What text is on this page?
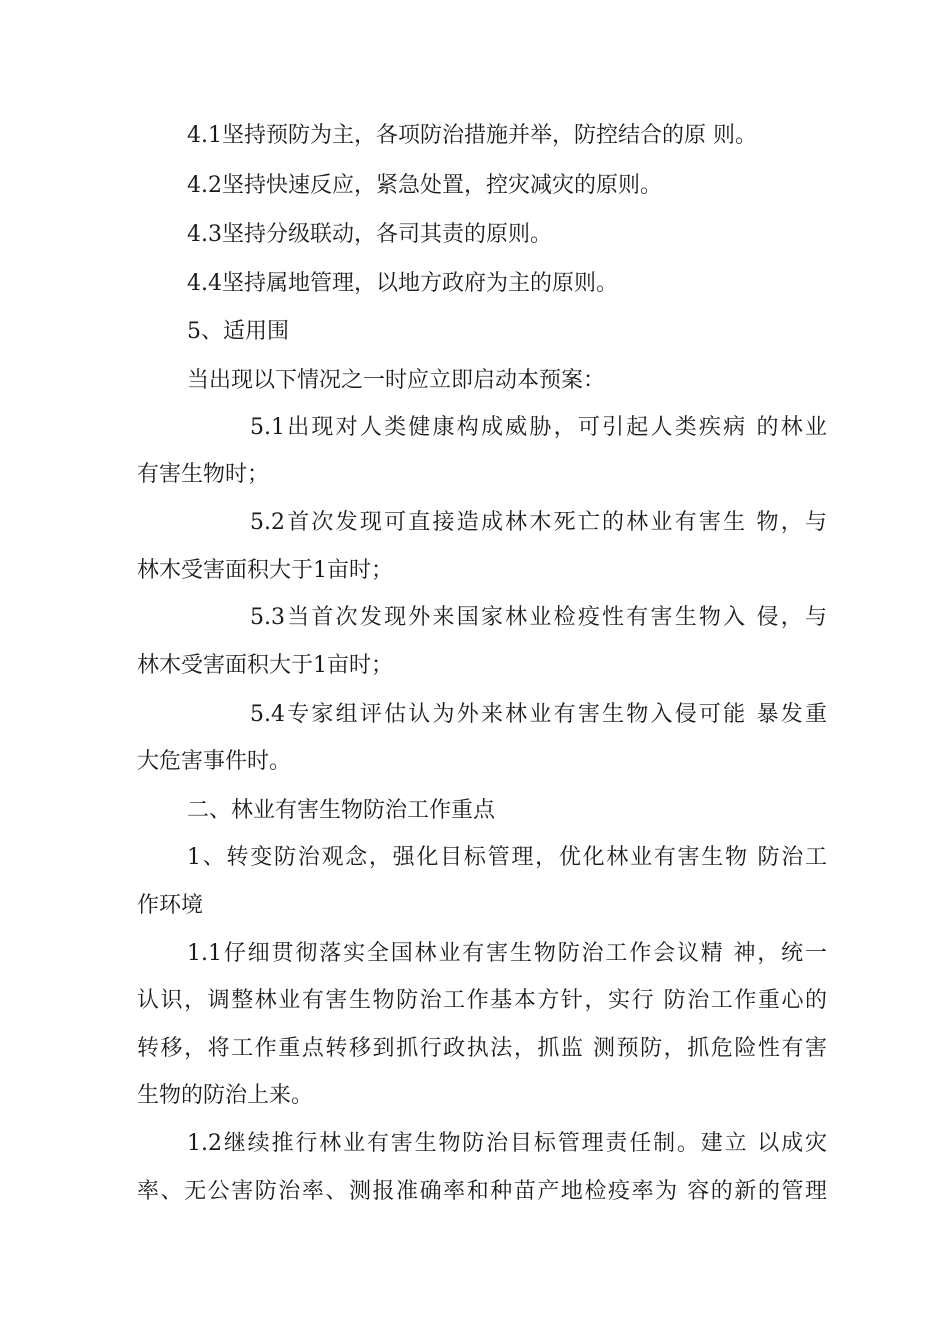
4.1坚持预防为主，各项防治措施并举，防控结合的原 则。
4.2坚持快速反应，紧急处置，控灾减灾的原则。
4.3坚持分级联动，各司其责的原则。
4.4坚持属地管理，以地方政府为主的原则。
5、适用围
当出现以下情况之一时应立即启动本预案：
5.1出现对人类健康构成威胁，可引起人类疾病 的林业
有害生物时；
5.2首次发现可直接造成林木死亡的林业有害生 物，与
林木受害面积大于1亩时；
5.3当首次发现外来国家林业检疫性有害生物入 侵，与
林木受害面积大于1亩时；
5.4专家组评估认为外来林业有害生物入侵可能 暴发重
大危害事件时。
二、林业有害生物防治工作重点
1、转变防治观念，强化目标管理，优化林业有害生物 防治工
作环境
1.1仔细贯彻落实全国林业有害生物防治工作会议精 神，统一
认识，调整林业有害生物防治工作基本方针，实行 防治工作重心的
转移，将工作重点转移到抓行政执法，抓监 测预防，抓危险性有害
生物的防治上来。
1.2继续推行林业有害生物防治目标管理责任制。建立 以成灾
率、无公害防治率、测报准确率和种苗产地检疫率为 容的新的管理
